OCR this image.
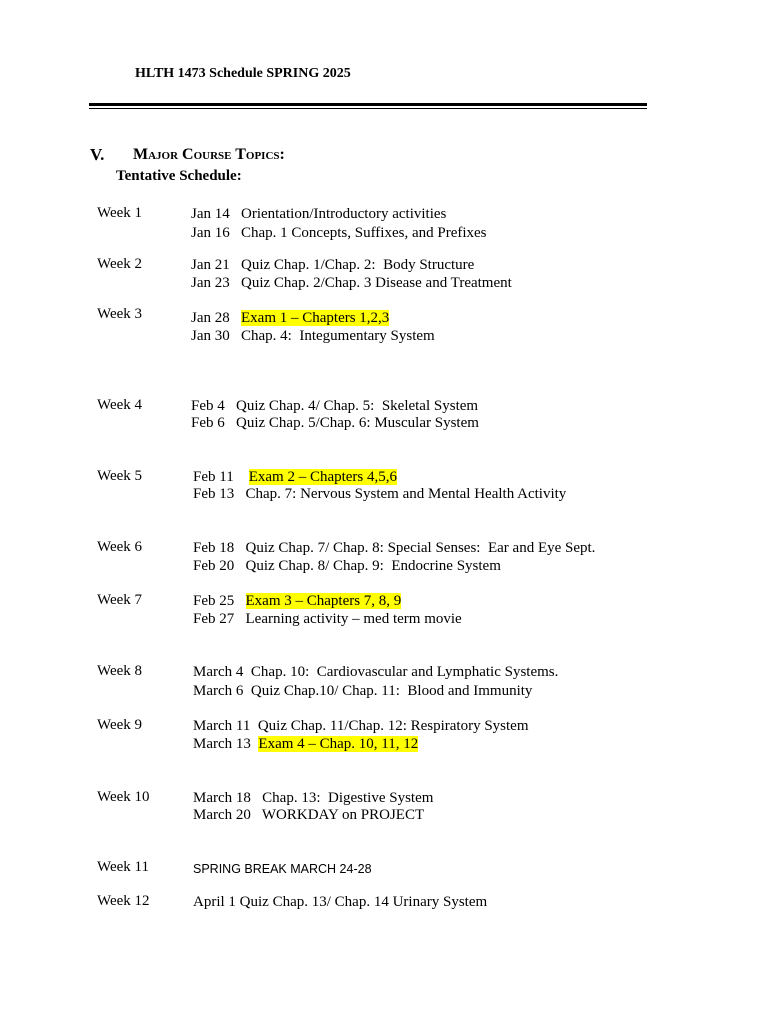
HLTH 1473 Schedule SPRING 2025
V. Major Course Topics:
Tentative Schedule:
Week 1	Jan 14 Orientation/Introductory activities
Jan 16 Chap. 1 Concepts, Suffixes, and Prefixes
Week 2	Jan 21 Quiz Chap. 1/Chap. 2:  Body Structure
Jan 23 Quiz Chap. 2/Chap. 3 Disease and Treatment
Week 3	Jan 28 Exam 1 – Chapters 1,2,3
Jan 30 Chap. 4:  Integumentary System
Week 4	Feb 4 Quiz Chap. 4/ Chap. 5:  Skeletal System
Feb 6 Quiz Chap. 5/Chap. 6: Muscular System
Week 5	Feb 11 Exam 2 – Chapters 4,5,6
Feb 13 Chap. 7: Nervous System and Mental Health Activity
Week 6	Feb 18 Quiz Chap. 7/ Chap. 8: Special Senses:  Ear and Eye Sept.
Feb 20 Quiz Chap. 8/ Chap. 9:  Endocrine System
Week 7	Feb 25 Exam 3 – Chapters 7, 8, 9
Feb 27 Learning activity – med term movie
Week 8	March 4 Chap. 10:  Cardiovascular and Lymphatic Systems.
March 6 Quiz Chap.10/ Chap. 11:  Blood and Immunity
Week 9	March 11 Quiz Chap. 11/Chap. 12: Respiratory System
March 13 Exam 4 – Chap. 10, 11, 12
Week 10	March 18 Chap. 13:  Digestive System
March 20 WORKDAY on PROJECT
Week 11	SPRING BREAK MARCH 24-28
Week 12	April 1 Quiz Chap. 13/ Chap. 14 Urinary System
